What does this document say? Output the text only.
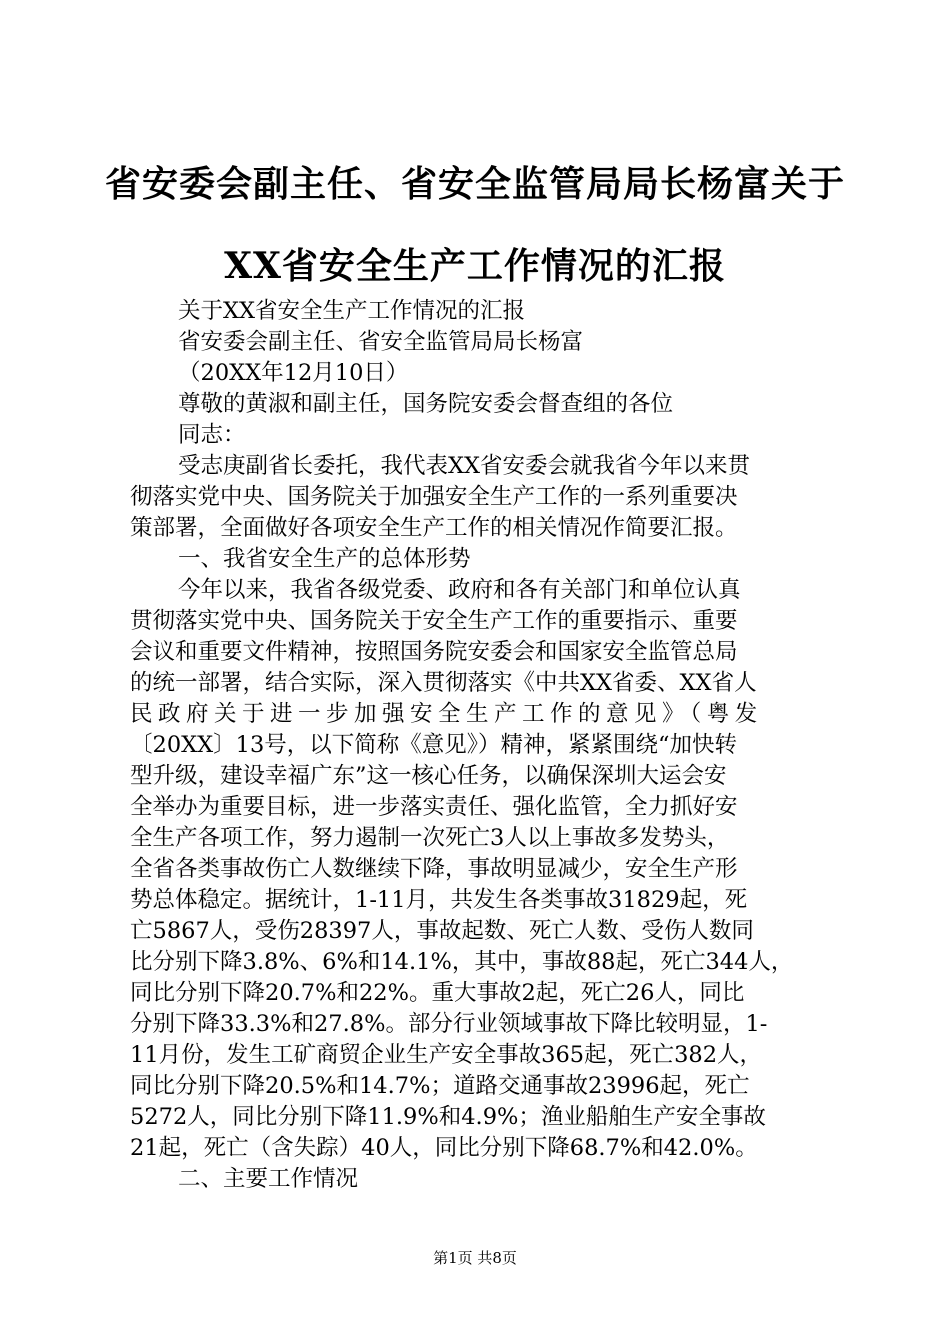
省安委会副主任、省安全监管局局长杨富关于
XX省安全生产工作情况的汇报
关于XX省安全生产工作情况的汇报
省安委会副主任、省安全监管局局长杨富
（20XX年12月10日）
尊敬的黄淑和副主任，国务院安委会督查组的各位
同志：
受志庚副省长委托，我代表XX省安委会就我省今年以来贯
彻落实党中央、国务院关于加强安全生产工作的一系列重要决
策部署，全面做好各项安全生产工作的相关情况作简要汇报。
一、我省安全生产的总体形势
今年以来，我省各级党委、政府和各有关部门和单位认真
贯彻落实党中央、国务院关于安全生产工作的重要指示、重要
会议和重要文件精神，按照国务院安委会和国家安全监管总局
的统一部署，结合实际，深入贯彻落实《中共XX省委、XX省人
民政府关于进一步加强安全生产工作的意见》（粤发
〔20XX〕13号，以下简称《意见》）精神，紧紧围绕“加快转
型升级，建设幸福广东”这一核心任务，以确保深圳大运会安
全举办为重要目标，进一步落实责任、强化监管，全力抓好安
全生产各项工作，努力遏制一次死亡3人以上事故多发势头，
全省各类事故伤亡人数继续下降，事故明显减少，安全生产形
势总体稳定。据统计，1-11月，共发生各类事故31829起，死
亡5867人，受伤28397人，事故起数、死亡人数、受伤人数同
比分别下降3.8%、6%和14.1%，其中，事故88起，死亡344人，
同比分别下降20.7%和22%。重大事故2起，死亡26人，同比
分别下降33.3%和27.8%。部分行业领域事故下降比较明显，1-
11月份，发生工矿商贸企业生产安全事故365起，死亡382人，
同比分别下降20.5%和14.7%；道路交通事故23996起，死亡
5272人，同比分别下降11.9%和4.9%；渔业船舶生产安全事故
21起，死亡（含失踪）40人，同比分别下降68.7%和42.0%。
二、主要工作情况
第1页 共8页
